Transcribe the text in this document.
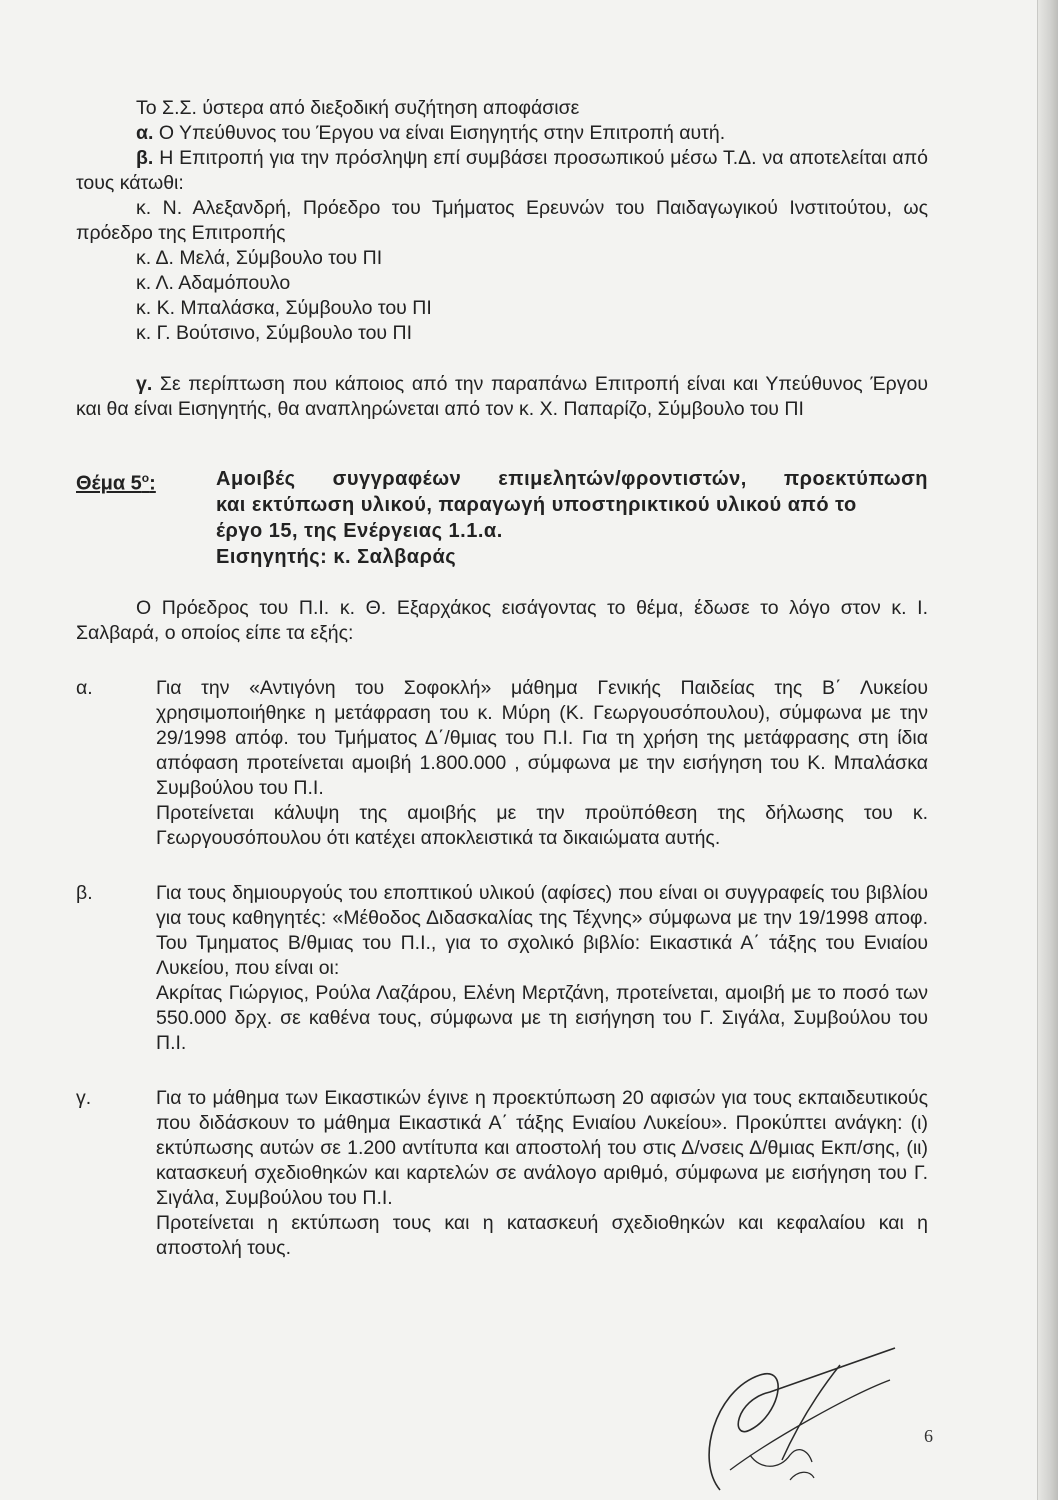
Το Σ.Σ. ύστερα από διεξοδική συζήτηση αποφάσισε

α. Ο Υπεύθυνος του Έργου να είναι Εισηγητής στην Επιτροπή αυτή.

β. Η Επιτροπή για την πρόσληψη επί συμβάσει προσωπικού μέσω Τ.Δ. να αποτελείται από τους κάτωθι:

κ. Ν. Αλεξανδρή, Πρόεδρο του Τμήματος Ερευνών του Παιδαγωγικού Ινστιτούτου, ως πρόεδρο της Επιτροπής

κ. Δ. Μελά, Σύμβουλο του ΠΙ

κ. Λ. Αδαμόπουλο

κ. Κ. Μπαλάσκα, Σύμβουλο του ΠΙ

κ. Γ. Βούτσινο, Σύμβουλο του ΠΙ

γ. Σε περίπτωση που κάποιος από την παραπάνω Επιτροπή είναι και Υπεύθυνος Έργου και θα είναι Εισηγητής, θα αναπληρώνεται από τον κ. Χ. Παπαρίζο, Σύμβουλο του ΠΙ

Θέμα $5^o$:	Αμοιβές συγγραφέων επιμελητών/φροντιστών, προεκτύπωση
και εκτύπωση υλικού, παραγωγή υποστηρικτικού υλικού από το
έργο 15, της Ενέργειας 1.1.α.
Εισηγητής: κ. Σαλβαράς

Ο Πρόεδρος του Π.Ι. κ. Θ. Εξαρχάκος εισάγοντας το θέμα, έδωσε το λόγο στον κ. Ι. Σαλβαρά, ο οποίος είπε τα εξής:

α.	Για την «Αντιγόνη του Σοφοκλή» μάθημα Γενικής Παιδείας της Β΄ Λυκείου χρησιμοποιήθηκε η μετάφραση του κ. Μύρη (Κ. Γεωργουσόπουλου), σύμφωνα με την 29/1998 απόφ. του Τμήματος Δ΄/θμιας του Π.Ι. Για τη χρήση της μετάφρασης στη ίδια απόφαση προτείνεται αμοιβή 1.800.000 , σύμφωνα με την εισήγηση του Κ. Μπαλάσκα Συμβούλου του Π.Ι.

Προτείνεται κάλυψη της αμοιβής με την προϋπόθεση της δήλωσης του κ. Γεωργουσόπουλου ότι κατέχει αποκλειστικά τα δικαιώματα αυτής.

β.	Για τους δημιουργούς του εποπτικού υλικού (αφίσες) που είναι οι συγγραφείς του βιβλίου για τους καθηγητές: «Μέθοδος Διδασκαλίας της Τέχνης» σύμφωνα με την 19/1998 αποφ. Του Τμηματος Β/θμιας του Π.Ι., για το σχολικό βιβλίο: Εικαστικά Α΄ τάξης του Ενιαίου Λυκείου, που είναι οι:

Ακρίτας Γιώργιος, Ρούλα Λαζάρου, Ελένη Μερτζάνη, προτείνεται, αμοιβή με το ποσό των 550.000 δρχ. σε καθένα τους, σύμφωνα με τη εισήγηση του Γ. Σιγάλα, Συμβούλου του Π.Ι.

γ.	Για το μάθημα των Εικαστικών έγινε η προεκτύπωση 20 αφισών για τους εκπαιδευτικούς που διδάσκουν το μάθημα Εικαστικά Α΄ τάξης Ενιαίου Λυκείου». Προκύπτει ανάγκη: (ι) εκτύπωσης αυτών σε 1.200 αντίτυπα και αποστολή του στις Δ/νσεις Δ/θμιας Εκπ/σης, (ιι) κατασκευή σχεδιοθηκών και καρτελών σε ανάλογο αριθμό, σύμφωνα με εισήγηση του Γ. Σιγάλα, Συμβούλου του Π.Ι.

Προτείνεται η εκτύπωση τους και η κατασκευή σχεδιοθηκών και κεφαλαίου και η αποστολή τους.

6
